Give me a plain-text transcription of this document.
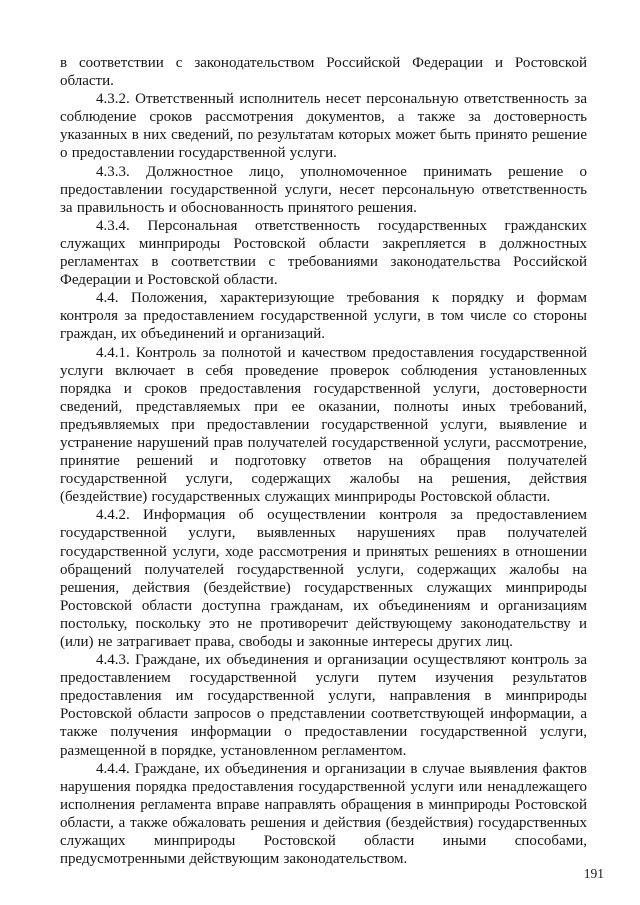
в соответствии с законодательством Российской Федерации и Ростовской области.

4.3.2. Ответственный исполнитель несет персональную ответственность за соблюдение сроков рассмотрения документов, а также за достоверность указанных в них сведений, по результатам которых может быть принято решение о предоставлении государственной услуги.

4.3.3. Должностное лицо, уполномоченное принимать решение о предоставлении государственной услуги, несет персональную ответственность за правильность и обоснованность принятого решения.

4.3.4. Персональная ответственность государственных гражданских служащих минприроды Ростовской области закрепляется в должностных регламентах в соответствии с требованиями законодательства Российской Федерации и Ростовской области.

4.4. Положения, характеризующие требования к порядку и формам контроля за предоставлением государственной услуги, в том числе со стороны граждан, их объединений и организаций.

4.4.1. Контроль за полнотой и качеством предоставления государственной услуги включает в себя проведение проверок соблюдения установленных порядка и сроков предоставления государственной услуги, достоверности сведений, представляемых при ее оказании, полноты иных требований, предъявляемых при предоставлении государственной услуги, выявление и устранение нарушений прав получателей государственной услуги, рассмотрение, принятие решений и подготовку ответов на обращения получателей государственной услуги, содержащих жалобы на решения, действия (бездействие) государственных служащих минприроды Ростовской области.

4.4.2. Информация об осуществлении контроля за предоставлением государственной услуги, выявленных нарушениях прав получателей государственной услуги, ходе рассмотрения и принятых решениях в отношении обращений получателей государственной услуги, содержащих жалобы на решения, действия (бездействие) государственных служащих минприроды Ростовской области доступна гражданам, их объединениям и организациям постольку, поскольку это не противоречит действующему законодательству и (или) не затрагивает права, свободы и законные интересы других лиц.

4.4.3. Граждане, их объединения и организации осуществляют контроль за предоставлением государственной услуги путем изучения результатов предоставления им государственной услуги, направления в минприроды Ростовской области запросов о представлении соответствующей информации, а также получения информации о предоставлении государственной услуги, размещенной в порядке, установленном регламентом.

4.4.4. Граждане, их объединения и организации в случае выявления фактов нарушения порядка предоставления государственной услуги или ненадлежащего исполнения регламента вправе направлять обращения в минприроды Ростовской области, а также обжаловать решения и действия (бездействия) государственных служащих минприроды Ростовской области иными способами, предусмотренными действующим законодательством.

191
